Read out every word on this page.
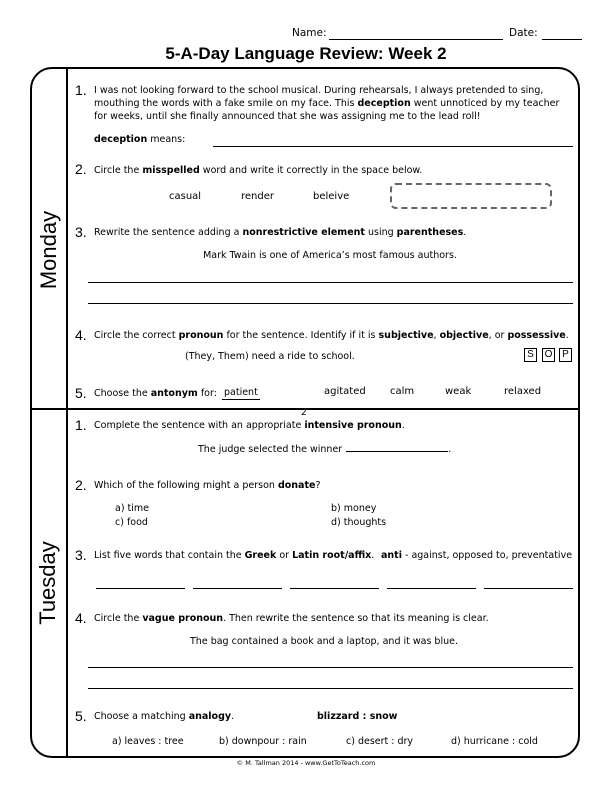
Name:	Date:
5-A-Day Language Review: Week 2
Monday
Tuesday
1. I was not looking forward to the school musical. During rehearsals, I always pretended to sing,
mouthing the words with a fake smile on my face. This deception went unnoticed by my teacher
for weeks, until she finally announced that she was assigning me to the lead roll!
deception means:
2. Circle the misspelled word and write it correctly in the space below.
casual	render	beleive
3. Rewrite the sentence adding a nonrestrictive element using parentheses.
Mark Twain is one of America’s most famous authors.
4. Circle the correct pronoun for the sentence. Identify if it is subjective, objective, or possessive.
(They, Them) need a ride to school.	S	O P
5. Choose the antonym for: patient	agitated calm	weak	relaxed
2
1. Complete the sentence with an appropriate intensive pronoun.
The judge selected the winner	.
2. Which of the following might a person donate?
a) time	b) money
c) food	d) thoughts
3. List five words that contain the Greek or Latin root/affix. anti - against, opposed to, preventative
4. Circle the vague pronoun. Then rewrite the sentence so that its meaning is clear.
The bag contained a book and a laptop, and it was blue.
5. Choose a matching analogy.	blizzard : snow
a) leaves : tree	b) downpour : rain	c) desert : dry	d) hurricane : cold
© M. Tallman 2014 - www.GetToTeach.com
